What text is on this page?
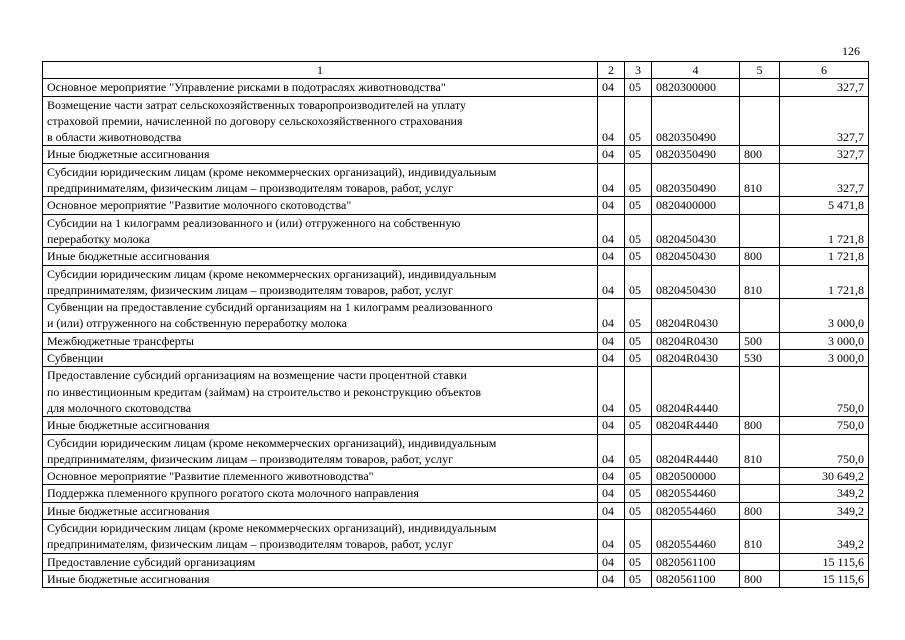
126
1	2	3	4	5	6
Основное мероприятие "Управление рисками в подотраслях животноводства"	04	05	0820300000		327,7
Возмещение части затрат сельскохозяйственных товаропроизводителей на уплату
страховой премии, начисленной по договору сельскохозяйственного страхования
в области животноводства	04	05	0820350490		327,7
Иные бюджетные ассигнования	04	05	0820350490	800	327,7
Субсидии юридическим лицам (кроме некоммерческих организаций), индивидуальным
предпринимателям, физическим лицам – производителям товаров, работ, услуг	04	05	0820350490	810	327,7
Основное мероприятие "Развитие молочного скотоводства"	04	05	0820400000		5 471,8
Субсидии на 1 килограмм реализованного и (или) отгруженного на собственную
переработку молока	04	05	0820450430		1 721,8
Иные бюджетные ассигнования	04	05	0820450430	800	1 721,8
Субсидии юридическим лицам (кроме некоммерческих организаций), индивидуальным
предпринимателям, физическим лицам – производителям товаров, работ, услуг	04	05	0820450430	810	1 721,8
Субвенции на предоставление субсидий организациям на 1 килограмм реализованного
и (или) отгруженного на собственную переработку молока	04	05	08204R0430		3 000,0
Межбюджетные трансферты	04	05	08204R0430	500	3 000,0
Субвенции	04	05	08204R0430	530	3 000,0
Предоставление субсидий организациям на возмещение части процентной ставки
по инвестиционным кредитам (займам) на строительство и реконструкцию объектов
для молочного скотоводства	04	05	08204R4440		750,0
Иные бюджетные ассигнования	04	05	08204R4440	800	750,0
Субсидии юридическим лицам (кроме некоммерческих организаций), индивидуальным
предпринимателям, физическим лицам – производителям товаров, работ, услуг	04	05	08204R4440	810	750,0
Основное мероприятие "Развитие племенного животноводства"	04	05	0820500000		30 649,2
Поддержка племенного крупного рогатого скота молочного направления	04	05	0820554460		349,2
Иные бюджетные ассигнования	04	05	0820554460	800	349,2
Субсидии юридическим лицам (кроме некоммерческих организаций), индивидуальным
предпринимателям, физическим лицам – производителям товаров, работ, услуг	04	05	0820554460	810	349,2
Предоставление субсидий организациям	04	05	0820561100		15 115,6
Иные бюджетные ассигнования	04	05	0820561100	800	15 115,6
